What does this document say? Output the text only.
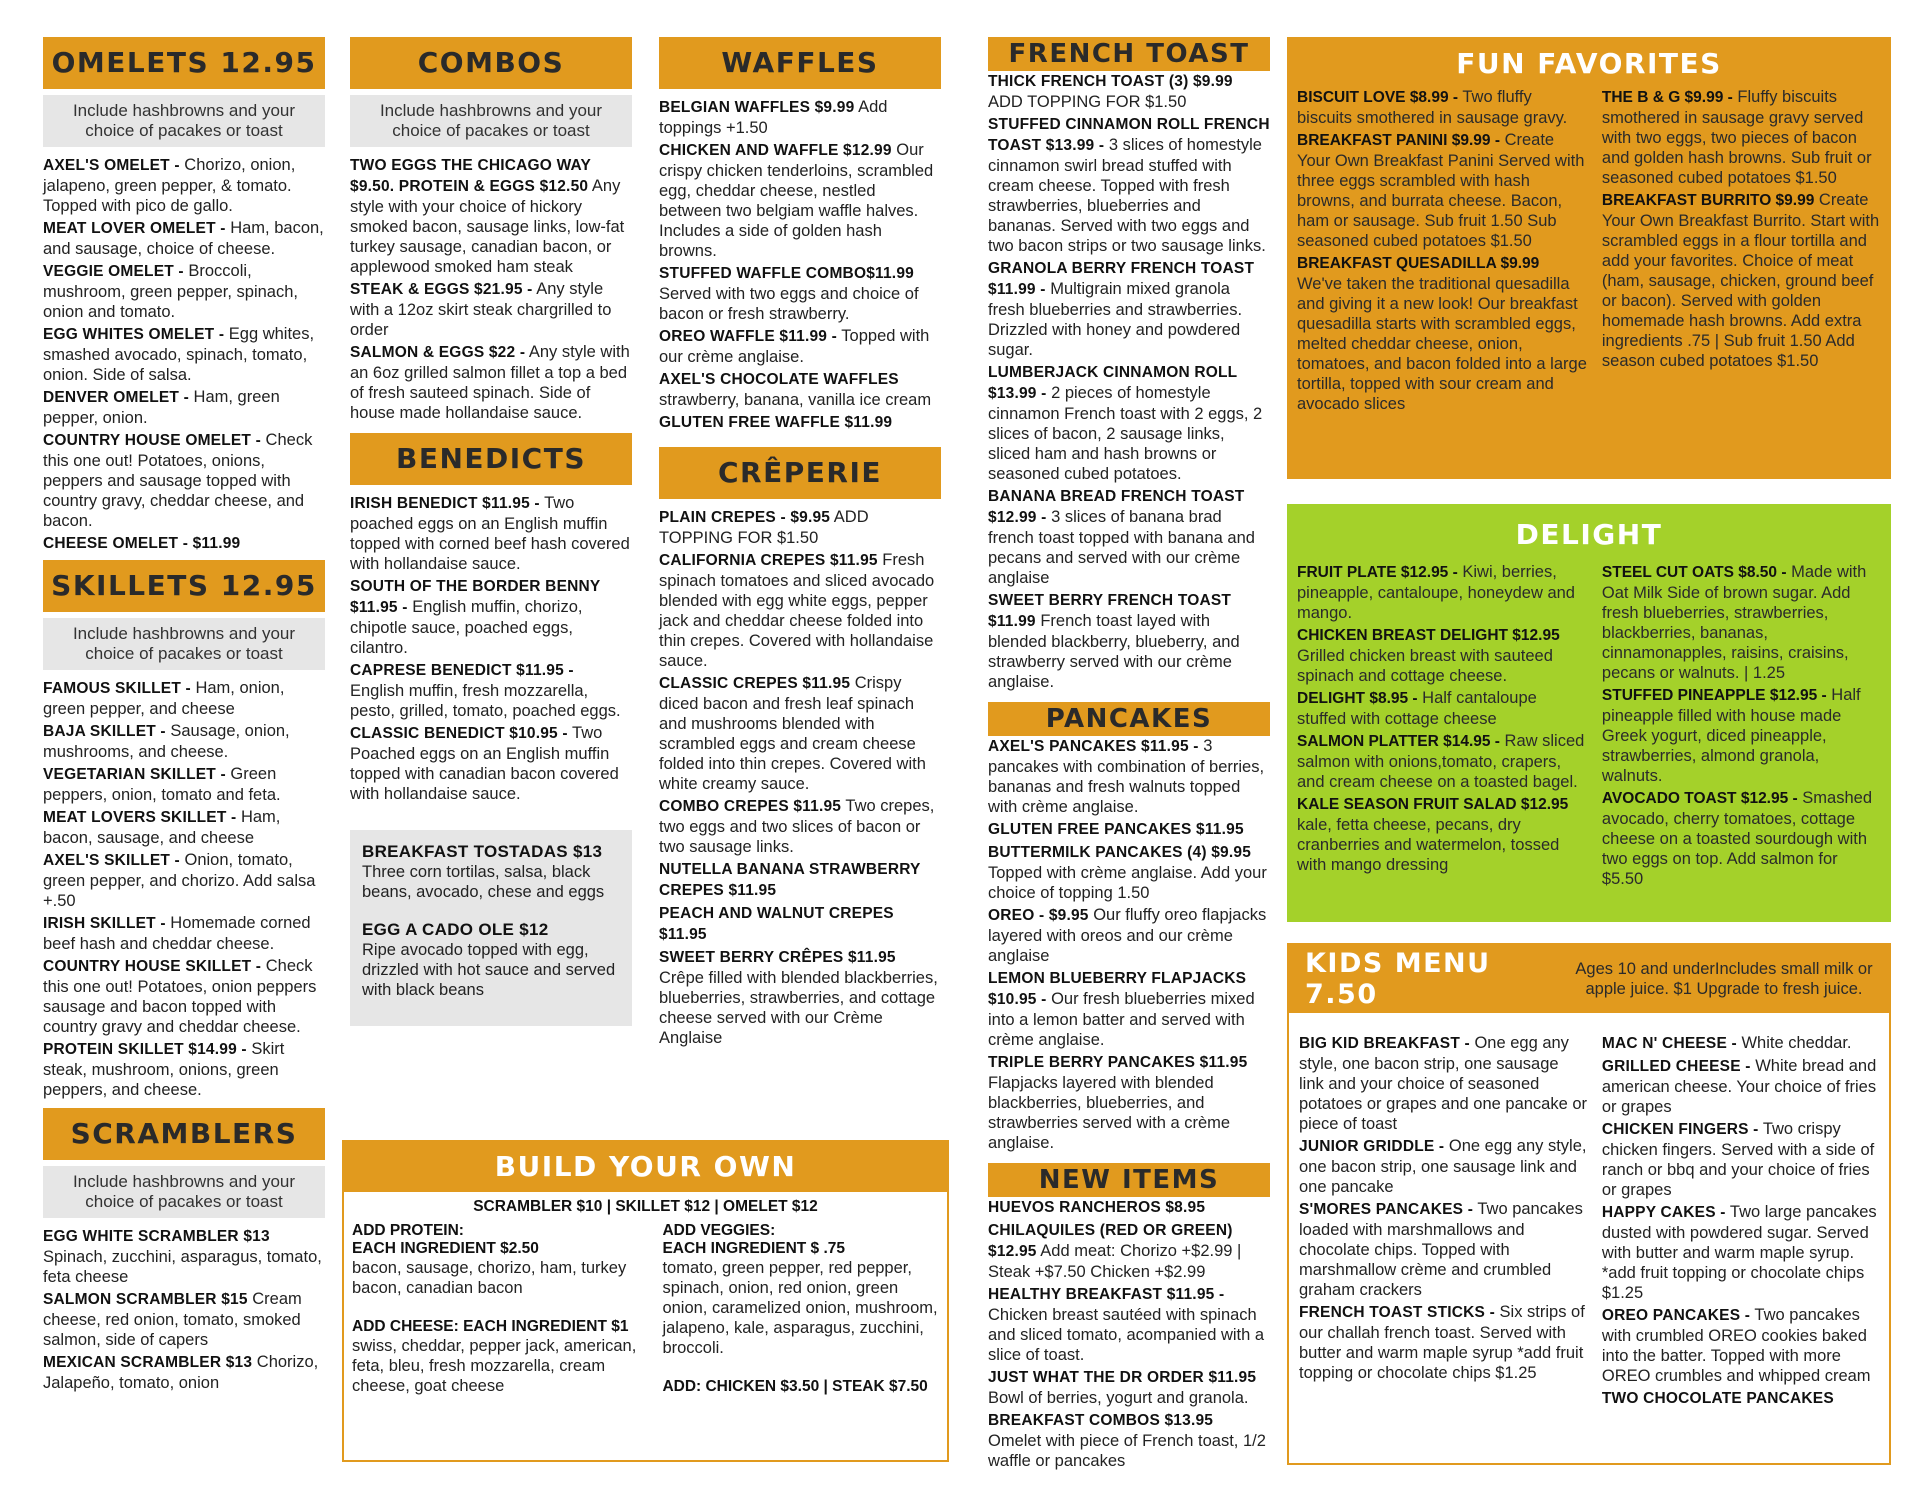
OMELETS 12.95
Include hashbrowns and your choice of pacakes or toast
AXEL'S OMELET - Chorizo, onion, jalapeno, green pepper, & tomato. Topped with pico de gallo.
MEAT LOVER OMELET - Ham, bacon, and sausage, choice of cheese.
VEGGIE OMELET - Broccoli, mushroom, green pepper, spinach, onion and tomato.
EGG WHITES OMELET - Egg whites, smashed avocado, spinach, tomato, onion. Side of salsa.
DENVER OMELET - Ham, green pepper, onion.
COUNTRY HOUSE OMELET - Check this one out! Potatoes, onions, peppers and sausage topped with country gravy, cheddar cheese, and bacon.
CHEESE OMELET - $11.99
SKILLETS 12.95
Include hashbrowns and your choice of pacakes or toast
FAMOUS SKILLET - Ham, onion, green pepper, and cheese
BAJA SKILLET - Sausage, onion, mushrooms, and cheese.
VEGETARIAN SKILLET - Green peppers, onion, tomato and feta.
MEAT LOVERS SKILLET - Ham, bacon, sausage, and cheese
AXEL'S SKILLET - Onion, tomato, green pepper, and chorizo. Add salsa +.50
IRISH SKILLET - Homemade corned beef hash and cheddar cheese.
COUNTRY HOUSE SKILLET - Check this one out! Potatoes, onion peppers sausage and bacon topped with country gravy and cheddar cheese.
PROTEIN SKILLET $14.99 - Skirt steak, mushroom, onions, green peppers, and cheese.
SCRAMBLERS
Include hashbrowns and your choice of pacakes or toast
EGG WHITE SCRAMBLER $13 Spinach, zucchini, asparagus, tomato, feta cheese
SALMON SCRAMBLER $15 Cream cheese, red onion, tomato, smoked salmon, side of capers
MEXICAN SCRAMBLER $13 Chorizo, Jalapeño, tomato, onion
COMBOS
Include hashbrowns and your choice of pacakes or toast
TWO EGGS THE CHICAGO WAY $9.50. PROTEIN & EGGS $12.50 Any style with your choice of hickory smoked bacon, sausage links, low-fat turkey sausage, canadian bacon, or applewood smoked ham steak
STEAK & EGGS $21.95 - Any style with a 12oz skirt steak chargrilled to order
SALMON & EGGS $22 - Any style with an 6oz grilled salmon fillet a top a bed of fresh sauteed spinach. Side of house made hollandaise sauce.
BENEDICTS
IRISH BENEDICT $11.95 - Two poached eggs on an English muffin topped with corned beef hash covered with hollandaise sauce.
SOUTH OF THE BORDER BENNY $11.95 - English muffin, chorizo, chipotle sauce, poached eggs, cilantro.
CAPRESE BENEDICT $11.95 - English muffin, fresh mozzarella, pesto, grilled, tomato, poached eggs.
CLASSIC BENEDICT $10.95 - Two Poached eggs on an English muffin topped with canadian bacon covered with hollandaise sauce.
BREAKFAST TOSTADAS $13
Three corn tortilas, salsa, black beans, avocado, chese and eggs
EGG A CADO OLE $12
Ripe avocado topped with egg, drizzled with hot sauce and served with black beans
WAFFLES
BELGIAN WAFFLES $9.99 Add toppings +1.50
CHICKEN AND WAFFLE $12.99 Our crispy chicken tenderloins, scrambled egg, cheddar cheese, nestled between two belgiam waffle halves. Includes a side of golden hash browns.
STUFFED WAFFLE COMBO$11.99 Served with two eggs and choice of bacon or fresh strawberry.
OREO WAFFLE $11.99 - Topped with our crème anglaise.
AXEL'S CHOCOLATE WAFFLES strawberry, banana, vanilla ice cream
GLUTEN FREE WAFFLE $11.99
CRÊPERIE
PLAIN CREPES - $9.95 ADD TOPPING FOR $1.50
CALIFORNIA CREPES $11.95 Fresh spinach tomatoes and sliced avocado blended with egg white eggs, pepper jack and cheddar cheese folded into thin crepes. Covered with hollandaise sauce.
CLASSIC CREPES $11.95 Crispy diced bacon and fresh leaf spinach and mushrooms blended with scrambled eggs and cream cheese folded into thin crepes. Covered with white creamy sauce.
COMBO CREPES $11.95 Two crepes, two eggs and two slices of bacon or two sausage links.
NUTELLA BANANA STRAWBERRY CREPES $11.95
PEACH AND WALNUT CREPES $11.95
SWEET BERRY CRÊPES $11.95 Crêpe filled with blended blackberries, blueberries, strawberries, and cottage cheese served with our Crème Anglaise
BUILD YOUR OWN
SCRAMBLER $10 | SKILLET $12 | OMELET $12
ADD PROTEIN:
EACH INGREDIENT $2.50
bacon, sausage, chorizo, ham, turkey bacon, canadian bacon
ADD CHEESE: EACH INGREDIENT $1
swiss, cheddar, pepper jack, american, feta, bleu, fresh mozzarella, cream cheese, goat cheese
ADD VEGGIES:
EACH INGREDIENT $ .75
tomato, green pepper, red pepper, spinach, onion, red onion, green onion, caramelized onion, mushroom, jalapeno, kale, asparagus, zucchini, broccoli.
ADD: CHICKEN $3.50 | STEAK $7.50
FRENCH TOAST
THICK FRENCH TOAST (3) $9.99 ADD TOPPING FOR $1.50
STUFFED CINNAMON ROLL FRENCH TOAST $13.99 - 3 slices of homestyle cinnamon swirl bread stuffed with cream cheese. Topped with fresh strawberries, blueberries and bananas. Served with two eggs and two bacon strips or two sausage links.
GRANOLA BERRY FRENCH TOAST $11.99 - Multigrain mixed granola fresh blueberries and strawberries. Drizzled with honey and powdered sugar.
LUMBERJACK CINNAMON ROLL $13.99 - 2 pieces of homestyle cinnamon French toast with 2 eggs, 2 slices of bacon, 2 sausage links, sliced ham and hash browns or seasoned cubed potatoes.
BANANA BREAD FRENCH TOAST $12.99 - 3 slices of banana brad french toast topped with banana and pecans and served with our crème anglaise
SWEET BERRY FRENCH TOAST $11.99 French toast layed with blended blackberry, blueberry, and strawberry served with our crème anglaise.
PANCAKES
AXEL'S PANCAKES $11.95 - 3 pancakes with combination of berries, bananas and fresh walnuts topped with crème anglaise.
GLUTEN FREE PANCAKES $11.95
BUTTERMILK PANCAKES (4) $9.95 Topped with crème anglaise. Add your choice of topping 1.50
OREO - $9.95 Our fluffy oreo flapjacks layered with oreos and our crème anglaise
LEMON BLUEBERRY FLAPJACKS $10.95 - Our fresh blueberries mixed into a lemon batter and served with crème anglaise.
TRIPLE BERRY PANCAKES $11.95 Flapjacks layered with blended blackberries, blueberries, and strawberries served with a crème anglaise.
NEW ITEMS
HUEVOS RANCHEROS $8.95
CHILAQUILES (RED OR GREEN) $12.95 Add meat: Chorizo +$2.99 | Steak +$7.50 Chicken +$2.99
HEALTHY BREAKFAST $11.95 - Chicken breast sautéed with spinach and sliced tomato, acompanied with a slice of toast.
JUST WHAT THE DR ORDER $11.95 Bowl of berries, yogurt and granola.
BREAKFAST COMBOS $13.95 Omelet with piece of French toast, 1/2 waffle or pancakes
FUN FAVORITES
BISCUIT LOVE $8.99 - Two fluffy biscuits smothered in sausage gravy.
BREAKFAST PANINI $9.99 - Create Your Own Breakfast Panini Served with three eggs scrambled with hash browns, and burrata cheese. Bacon, ham or sausage. Sub fruit 1.50 Sub seasoned cubed potatoes $1.50
BREAKFAST QUESADILLA $9.99 We've taken the traditional quesadilla and giving it a new look! Our breakfast quesadilla starts with scrambled eggs, melted cheddar cheese, onion, tomatoes, and bacon folded into a large tortilla, topped with sour cream and avocado slices
THE B & G $9.99 - Fluffy biscuits smothered in sausage gravy served with two eggs, two pieces of bacon and golden hash browns. Sub fruit or seasoned cubed potatoes $1.50
BREAKFAST BURRITO $9.99 Create Your Own Breakfast Burrito. Start with scrambled eggs in a flour tortilla and add your favorites. Choice of meat (ham, sausage, chicken, ground beef or bacon). Served with golden homemade hash browns. Add extra ingredients .75 | Sub fruit 1.50 Add season cubed potatoes $1.50
DELIGHT
FRUIT PLATE $12.95 - Kiwi, berries, pineapple, cantaloupe, honeydew and mango.
CHICKEN BREAST DELIGHT $12.95 Grilled chicken breast with sauteed spinach and cottage cheese.
DELIGHT $8.95 - Half cantaloupe stuffed with cottage cheese
SALMON PLATTER $14.95 - Raw sliced salmon with onions,tomato, crapers, and cream cheese on a toasted bagel.
KALE SEASON FRUIT SALAD $12.95 kale, fetta cheese, pecans, dry cranberries and watermelon, tossed with mango dressing
STEEL CUT OATS $8.50 - Made with Oat Milk Side of brown sugar. Add fresh blueberries, strawberries, blackberries, bananas, cinnamonapples, raisins, craisins, pecans or walnuts. | 1.25
STUFFED PINEAPPLE $12.95 - Half pineapple filled with house made Greek yogurt, diced pineapple, strawberries, almond granola, walnuts.
AVOCADO TOAST $12.95 - Smashed avocado, cherry tomatoes, cottage cheese on a toasted sourdough with two eggs on top. Add salmon for $5.50
KIDS MENU 7.50
Ages 10 and underIncludes small milk or apple juice. $1 Upgrade to fresh juice.
BIG KID BREAKFAST - One egg any style, one bacon strip, one sausage link and your choice of seasoned potatoes or grapes and one pancake or piece of toast
JUNIOR GRIDDLE - One egg any style, one bacon strip, one sausage link and one pancake
S'MORES PANCAKES - Two pancakes loaded with marshmallows and chocolate chips. Topped with marshmallow crème and crumbled graham crackers
FRENCH TOAST STICKS - Six strips of our challah french toast. Served with butter and warm maple syrup *add fruit topping or chocolate chips $1.25
MAC N' CHEESE - White cheddar.
GRILLED CHEESE - White bread and american cheese. Your choice of fries or grapes
CHICKEN FINGERS - Two crispy chicken fingers. Served with a side of ranch or bbq and your choice of fries or grapes
HAPPY CAKES - Two large pancakes dusted with powdered sugar. Served with butter and warm maple syrup. *add fruit topping or chocolate chips $1.25
OREO PANCAKES - Two pancakes with crumbled OREO cookies baked into the batter. Topped with more OREO crumbles and whipped cream
TWO CHOCOLATE PANCAKES
